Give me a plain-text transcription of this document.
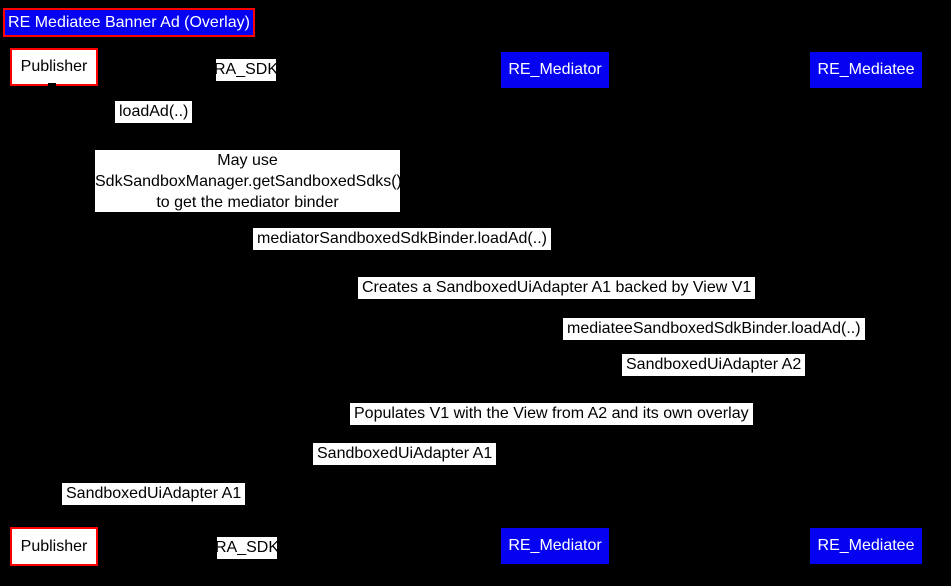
RE Mediatee Banner Ad (Overlay)
Publisher	RA_SDK	RE_Mediator	RE_Mediatee
loadAd(..)
May use
SdkSandboxManager.getSandboxedSdks()
to get the mediator binder
mediatorSandboxedSdkBinder.loadAd(..)
Creates a SandboxedUiAdapter A1 backed by View V1
mediateeSandboxedSdkBinder.loadAd(..)
SandboxedUiAdapter A2
Populates V1 with the View from A2 and its own overlay
SandboxedUiAdapter A1
SandboxedUiAdapter A1
Publisher	RA_SDK	RE_Mediator	RE_Mediatee
